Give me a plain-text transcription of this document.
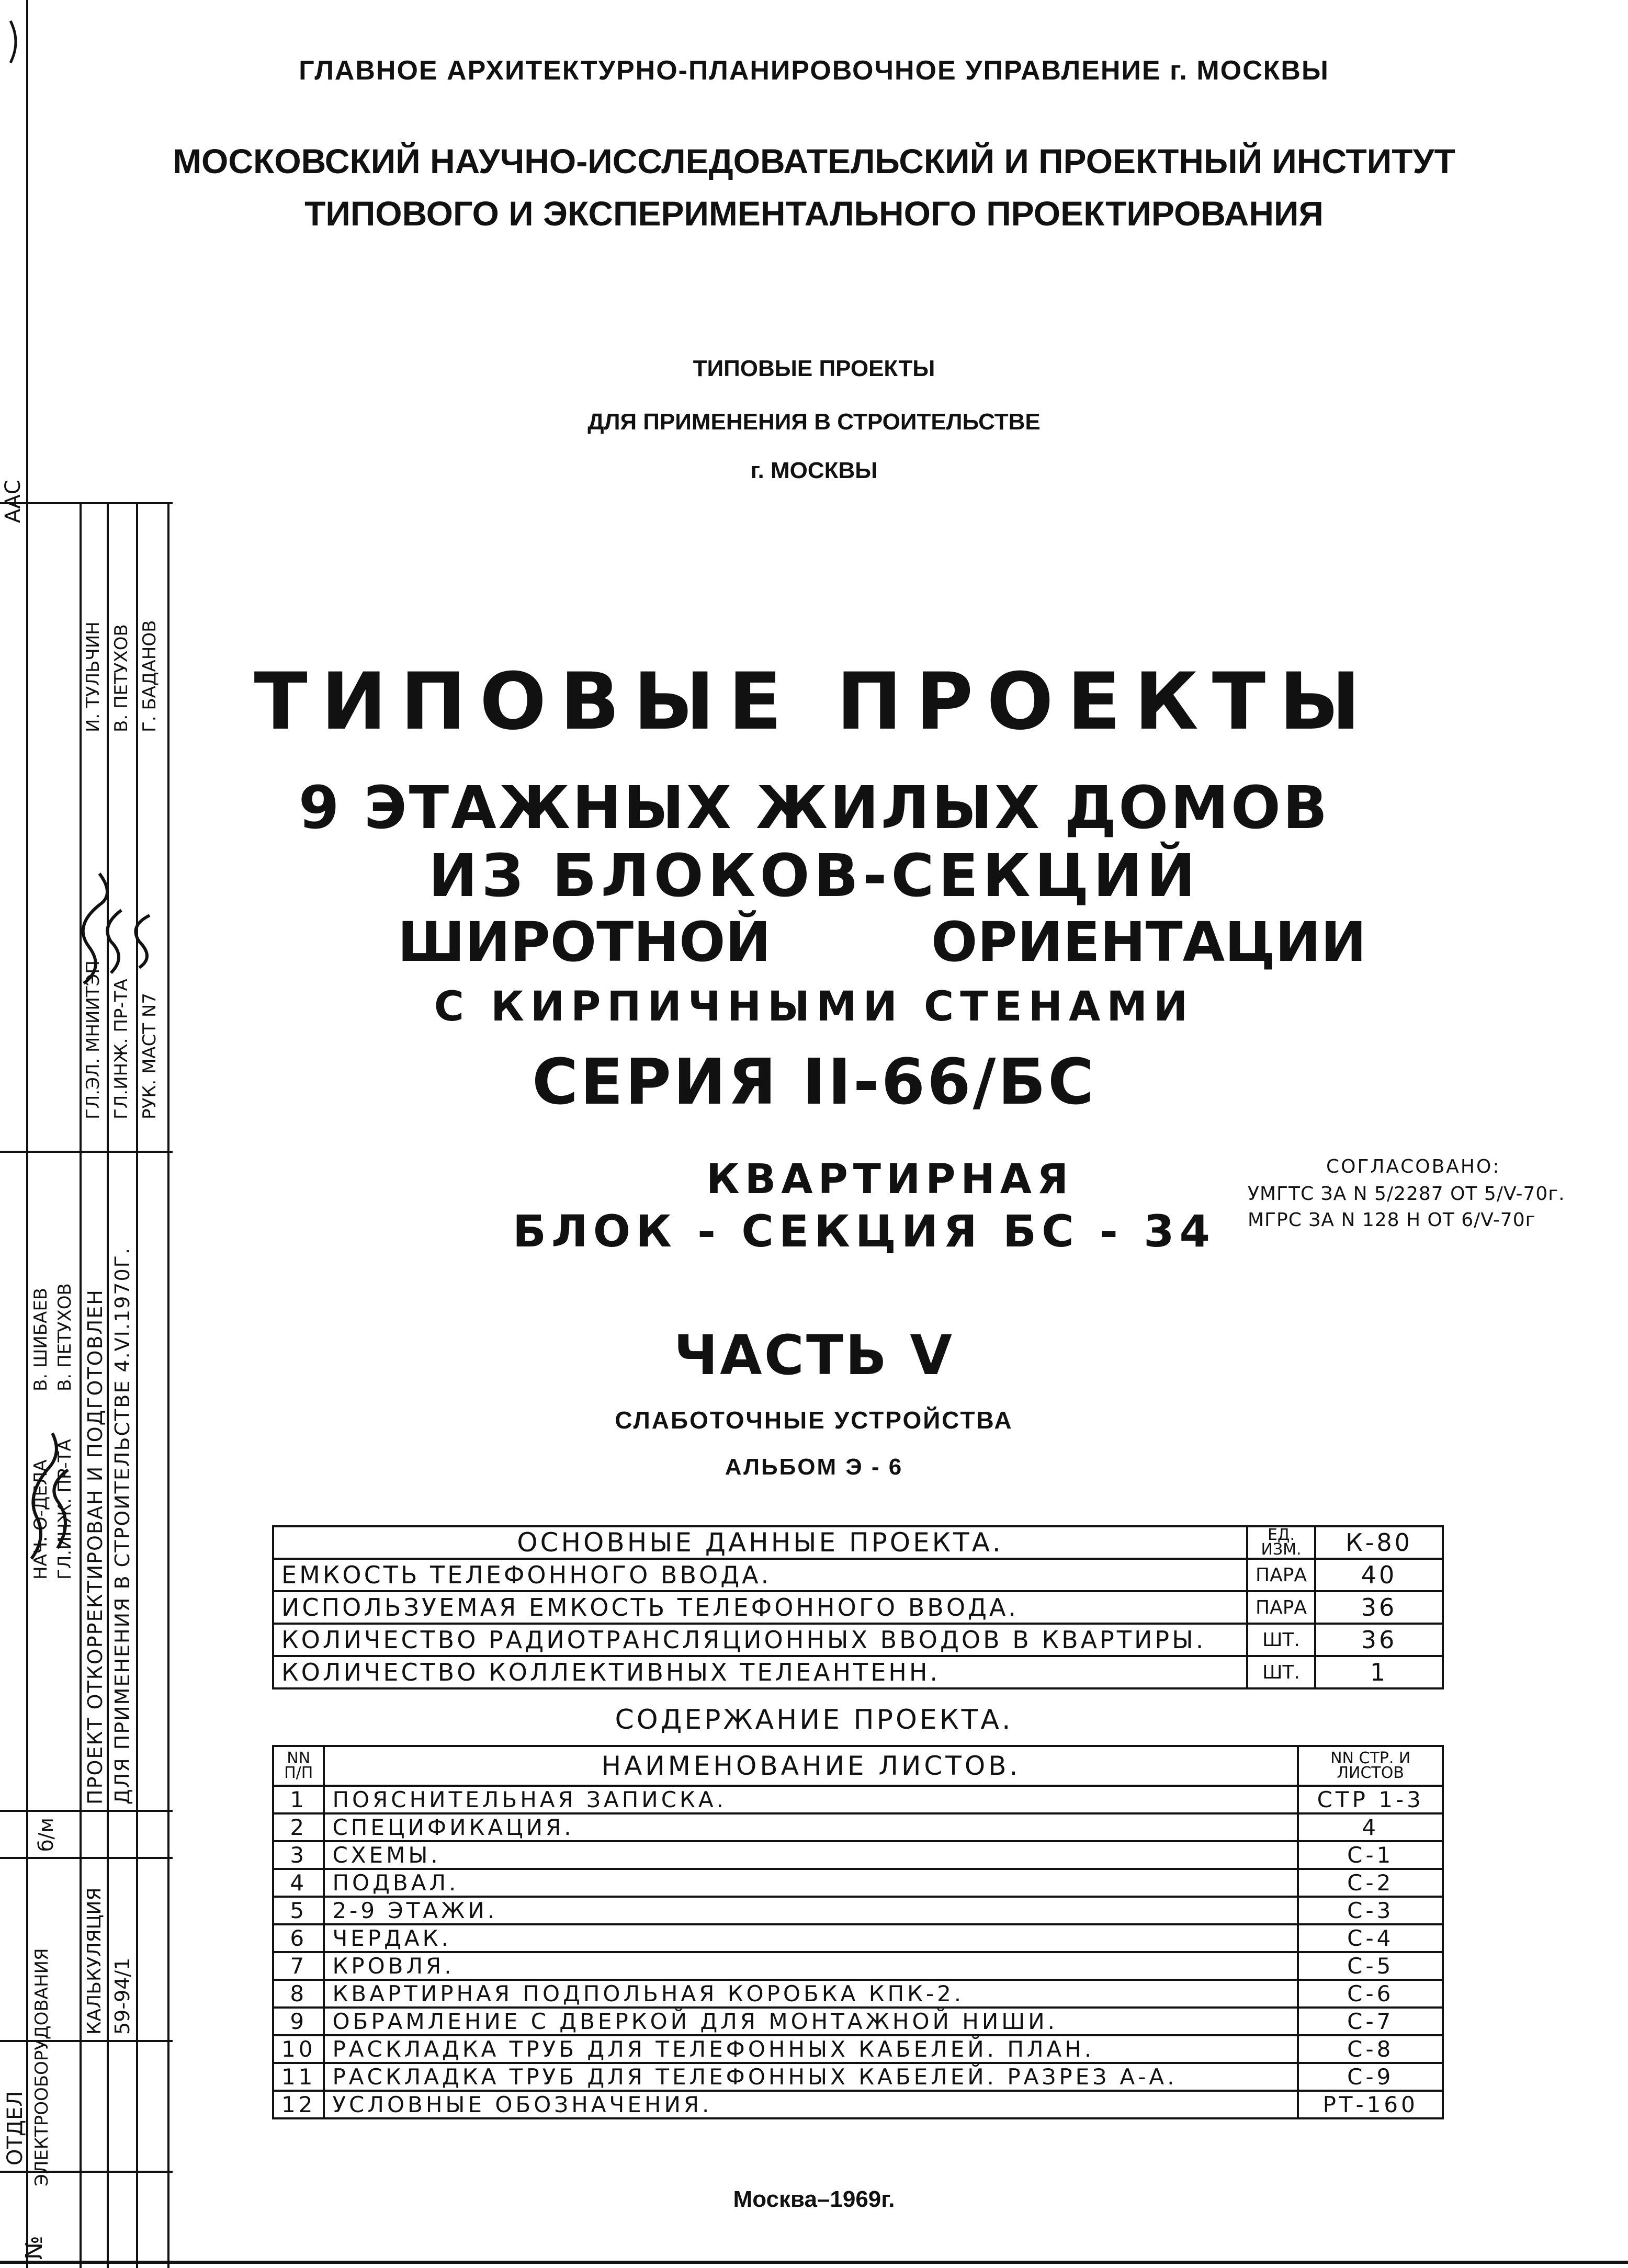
ААС
ОТДЕЛ ЭЛЕКТРООБОРУДОВАНИЯ
№
КАЛЬКУЛЯЦИЯ 59-94/1
б/м
ПРОЕКТ ОТКОРРЕКТИРОВАН И ПОДГОТОВЛЕН ДЛЯ ПРИМЕНЕНИЯ В СТРОИТЕЛЬСТВЕ 4.VI.1970Г.
НАЧ. О-ДЕЛА
В. ШИБАЕВ
ГЛ.ИНЖ. ПР-ТА
В. ПЕТУХОВ
ГЛ.ЭЛ. МНИИТЭП
И. ТУЛЬЧИН
ГЛ.ИНЖ. ПР-ТА
В. ПЕТУХОВ
РУК. МАСТ N7
Г. БАДАНОВ
ГЛАВНОЕ АРХИТЕКТУРНО-ПЛАНИРОВОЧНОЕ УПРАВЛЕНИЕ г. МОСКВЫ
МОСКОВСКИЙ НАУЧНО-ИССЛЕДОВАТЕЛЬСКИЙ И ПРОЕКТНЫЙ ИНСТИТУТ
ТИПОВОГО И ЭКСПЕРИМЕНТАЛЬНОГО ПРОЕКТИРОВАНИЯ
ТИПОВЫЕ ПРОЕКТЫ
ДЛЯ ПРИМЕНЕНИЯ В СТРОИТЕЛЬСТВЕ
г. МОСКВЫ
ТИПОВЫЕ ПРОЕКТЫ
9 ЭТАЖНЫХ ЖИЛЫХ ДОМОВ
ИЗ БЛОКОВ-СЕКЦИЙ
ШИРОТНОЙ	ОРИЕНТАЦИИ
С КИРПИЧНЫМИ СТЕНАМИ
СЕРИЯ II-66/БС
КВАРТИРНАЯ
БЛОК - СЕКЦИЯ БС - 34
СОГЛАСОВАНО:
УМГТС ЗА N 5/2287 ОТ 5/V-70г.
МГРС ЗА N 128 Н ОТ 6/V-70г
ЧАСТЬ V
СЛАБОТОЧНЫЕ УСТРОЙСТВА
АЛЬБОМ Э - 6
ОСНОВНЫЕ ДАННЫЕ ПРОЕКТА.	ЕД. ИЗМ.	К-80
ЕМКОСТЬ ТЕЛЕФОННОГО ВВОДА.	ПАРА	40
ИСПОЛЬЗУЕМАЯ ЕМКОСТЬ ТЕЛЕФОННОГО ВВОДА.	ПАРА	36
КОЛИЧЕСТВО РАДИОТРАНСЛЯЦИОННЫХ ВВОДОВ В КВАРТИРЫ.	ШТ.	36
КОЛИЧЕСТВО КОЛЛЕКТИВНЫХ ТЕЛЕАНТЕНН.	ШТ.	1
СОДЕРЖАНИЕ ПРОЕКТА.
NN П/П	НАИМЕНОВАНИЕ ЛИСТОВ.	NN СТР. И ЛИСТОВ
1	ПОЯСНИТЕЛЬНАЯ ЗАПИСКА.	СТР 1-3
2	СПЕЦИФИКАЦИЯ.	4
3	СХЕМЫ.	С-1
4	ПОДВАЛ.	С-2
5	2-9 ЭТАЖИ.	С-3
6	ЧЕРДАК.	С-4
7	КРОВЛЯ.	С-5
8	КВАРТИРНАЯ ПОДПОЛЬНАЯ КОРОБКА КПК-2.	С-6
9	ОБРАМЛЕНИЕ С ДВЕРКОЙ ДЛЯ МОНТАЖНОЙ НИШИ.	С-7
10	РАСКЛАДКА ТРУБ ДЛЯ ТЕЛЕФОННЫХ КАБЕЛЕЙ. ПЛАН.	С-8
11	РАСКЛАДКА ТРУБ ДЛЯ ТЕЛЕФОННЫХ КАБЕЛЕЙ. РАЗРЕЗ А-А.	С-9
12	УСЛОВНЫЕ ОБОЗНАЧЕНИЯ.	РТ-160
Москва–1969г.
